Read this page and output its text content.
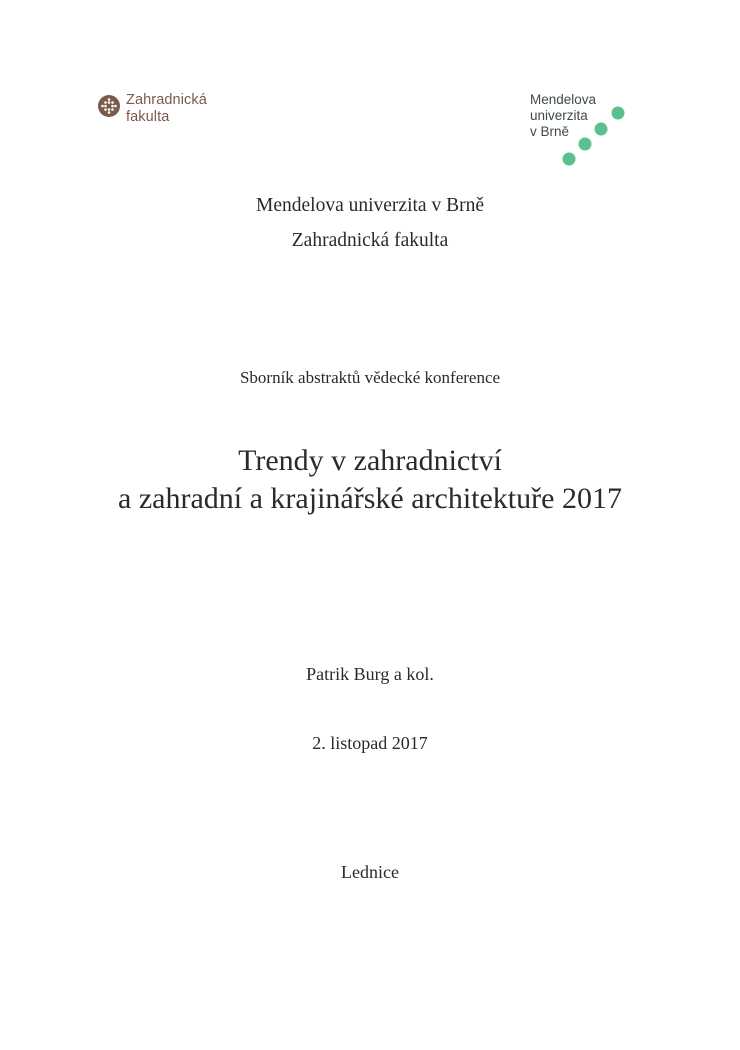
Zahradnická
fakulta
Mendelova
univerzita
v Brně
Mendelova univerzita v Brně
Zahradnická fakulta
Sborník abstraktů vědecké konference
Trendy v zahradnictví
a zahradní a krajinářské architektuře 2017
Patrik Burg a kol.
2. listopad 2017
Lednice
